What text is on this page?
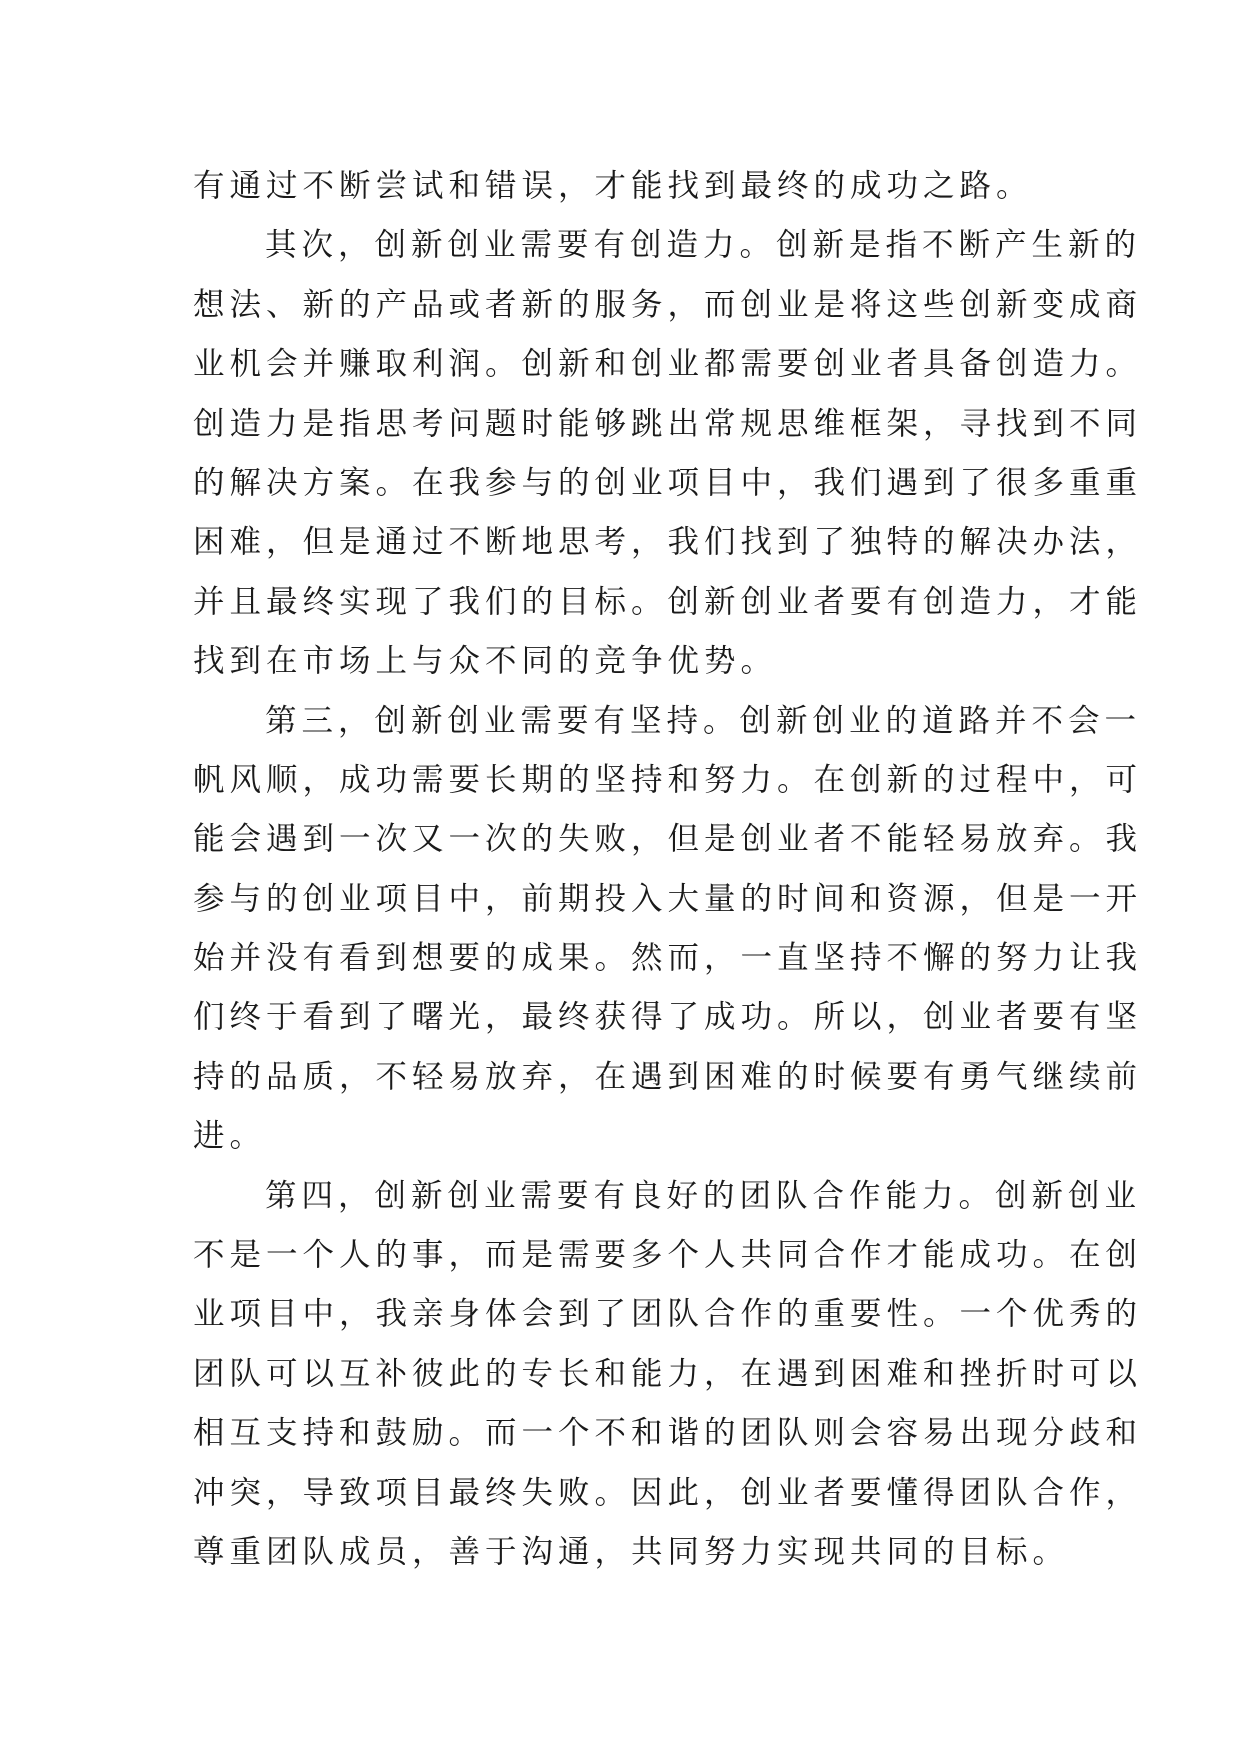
有通过不断尝试和错误，才能找到最终的成功之路。
其次，创新创业需要有创造力。创新是指不断产生新的
想法、新的产品或者新的服务，而创业是将这些创新变成商
业机会并赚取利润。创新和创业都需要创业者具备创造力。
创造力是指思考问题时能够跳出常规思维框架，寻找到不同
的解决方案。在我参与的创业项目中，我们遇到了很多重重
困难，但是通过不断地思考，我们找到了独特的解决办法，
并且最终实现了我们的目标。创新创业者要有创造力，才能
找到在市场上与众不同的竞争优势。
第三，创新创业需要有坚持。创新创业的道路并不会一
帆风顺，成功需要长期的坚持和努力。在创新的过程中，可
能会遇到一次又一次的失败，但是创业者不能轻易放弃。我
参与的创业项目中，前期投入大量的时间和资源，但是一开
始并没有看到想要的成果。然而，一直坚持不懈的努力让我
们终于看到了曙光，最终获得了成功。所以，创业者要有坚
持的品质，不轻易放弃，在遇到困难的时候要有勇气继续前
进。
第四，创新创业需要有良好的团队合作能力。创新创业
不是一个人的事，而是需要多个人共同合作才能成功。在创
业项目中，我亲身体会到了团队合作的重要性。一个优秀的
团队可以互补彼此的专长和能力，在遇到困难和挫折时可以
相互支持和鼓励。而一个不和谐的团队则会容易出现分歧和
冲突，导致项目最终失败。因此，创业者要懂得团队合作，
尊重团队成员，善于沟通，共同努力实现共同的目标。
